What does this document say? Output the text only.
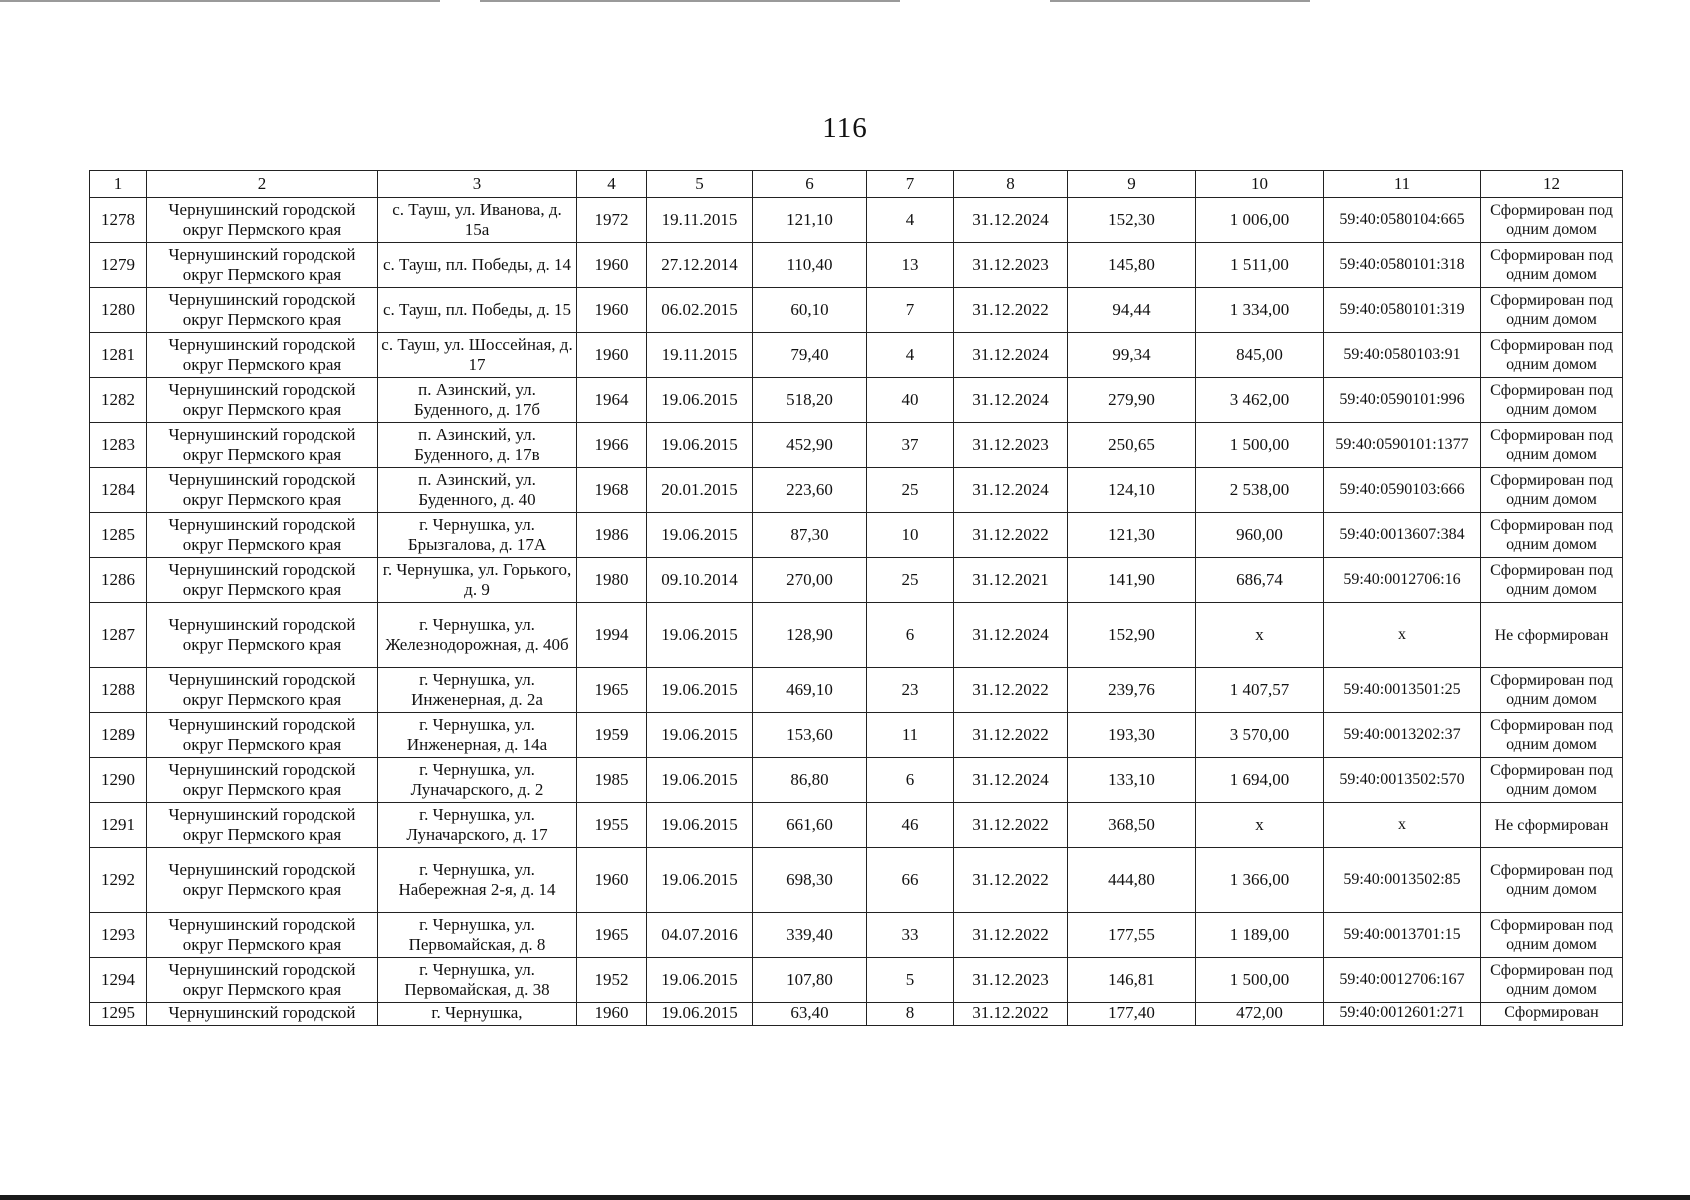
116
1	2	3	4	5	6	7	8	9	10	11	12
1278	Чернушинский городской округ Пермского края	с. Тауш, ул. Иванова, д. 15а	1972	19.11.2015	121,10	4	31.12.2024	152,30	1 006,00	59:40:0580104:665	Сформирован под одним домом
1279	Чернушинский городской округ Пермского края	с. Тауш, пл. Победы, д. 14	1960	27.12.2014	110,40	13	31.12.2023	145,80	1 511,00	59:40:0580101:318	Сформирован под одним домом
1280	Чернушинский городской округ Пермского края	с. Тауш, пл. Победы, д. 15	1960	06.02.2015	60,10	7	31.12.2022	94,44	1 334,00	59:40:0580101:319	Сформирован под одним домом
1281	Чернушинский городской округ Пермского края	с. Тауш, ул. Шоссейная, д. 17	1960	19.11.2015	79,40	4	31.12.2024	99,34	845,00	59:40:0580103:91	Сформирован под одним домом
1282	Чернушинский городской округ Пермского края	п. Азинский, ул. Буденного, д. 17б	1964	19.06.2015	518,20	40	31.12.2024	279,90	3 462,00	59:40:0590101:996	Сформирован под одним домом
1283	Чернушинский городской округ Пермского края	п. Азинский, ул. Буденного, д. 17в	1966	19.06.2015	452,90	37	31.12.2023	250,65	1 500,00	59:40:0590101:1377	Сформирован под одним домом
1284	Чернушинский городской округ Пермского края	п. Азинский, ул. Буденного, д. 40	1968	20.01.2015	223,60	25	31.12.2024	124,10	2 538,00	59:40:0590103:666	Сформирован под одним домом
1285	Чернушинский городской округ Пермского края	г. Чернушка, ул. Брызгалова, д. 17А	1986	19.06.2015	87,30	10	31.12.2022	121,30	960,00	59:40:0013607:384	Сформирован под одним домом
1286	Чернушинский городской округ Пермского края	г. Чернушка, ул. Горького, д. 9	1980	09.10.2014	270,00	25	31.12.2021	141,90	686,74	59:40:0012706:16	Сформирован под одним домом
1287	Чернушинский городской округ Пермского края	г. Чернушка, ул. Железнодорожная, д. 40б	1994	19.06.2015	128,90	6	31.12.2024	152,90	x	x	Не сформирован
1288	Чернушинский городской округ Пермского края	г. Чернушка, ул. Инженерная, д. 2а	1965	19.06.2015	469,10	23	31.12.2022	239,76	1 407,57	59:40:0013501:25	Сформирован под одним домом
1289	Чернушинский городской округ Пермского края	г. Чернушка, ул. Инженерная, д. 14а	1959	19.06.2015	153,60	11	31.12.2022	193,30	3 570,00	59:40:0013202:37	Сформирован под одним домом
1290	Чернушинский городской округ Пермского края	г. Чернушка, ул. Луначарского, д. 2	1985	19.06.2015	86,80	6	31.12.2024	133,10	1 694,00	59:40:0013502:570	Сформирован под одним домом
1291	Чернушинский городской округ Пермского края	г. Чернушка, ул. Луначарского, д. 17	1955	19.06.2015	661,60	46	31.12.2022	368,50	x	x	Не сформирован
1292	Чернушинский городской округ Пермского края	г. Чернушка, ул. Набережная 2-я, д. 14	1960	19.06.2015	698,30	66	31.12.2022	444,80	1 366,00	59:40:0013502:85	Сформирован под одним домом
1293	Чернушинский городской округ Пермского края	г. Чернушка, ул. Первомайская, д. 8	1965	04.07.2016	339,40	33	31.12.2022	177,55	1 189,00	59:40:0013701:15	Сформирован под одним домом
1294	Чернушинский городской округ Пермского края	г. Чернушка, ул. Первомайская, д. 38	1952	19.06.2015	107,80	5	31.12.2023	146,81	1 500,00	59:40:0012706:167	Сформирован под одним домом
1295	Чернушинский городской	г. Чернушка,	1960	19.06.2015	63,40	8	31.12.2022	177,40	472,00	59:40:0012601:271	Сформирован
